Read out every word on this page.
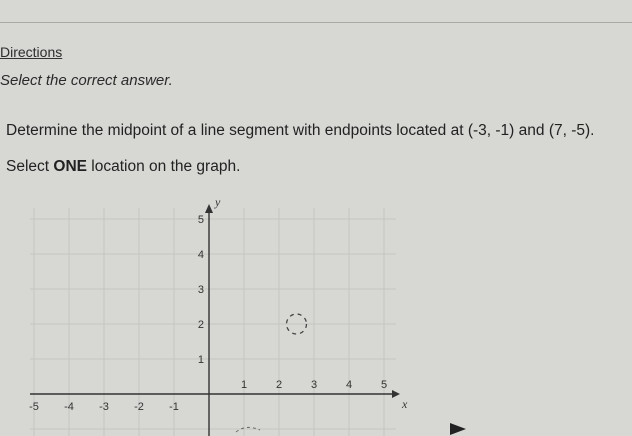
Directions
Select the correct answer.
Determine the midpoint of a line segment with endpoints located at (-3, -1) and (7, -5).
Select ONE location on the graph.
-5 -4 -3 -2 -1
1	2	3	4	5
1
2
3
4
5
x
y
